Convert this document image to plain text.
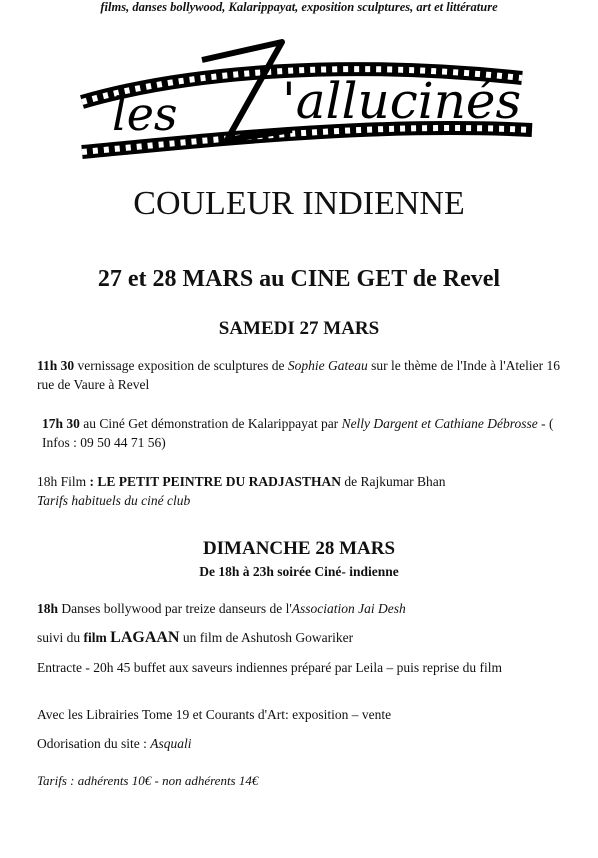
les 'allucinés
COULEUR INDIENNE
films, danses bollywood, Kalarippayat, exposition sculptures, art et littérature
27 et 28 MARS au CINE GET de Revel
SAMEDI 27 MARS
11h 30 vernissage exposition de sculptures de Sophie Gateau sur le thème de l'Inde à l'Atelier 16 rue de Vaure à Revel
17h 30 au Ciné Get démonstration de Kalarippayat par Nelly Dargent et Cathiane Débrosse - ( Infos : 09 50 44 71 56)
18h Film : LE PETIT PEINTRE DU RADJASTHAN de Rajkumar Bhan
Tarifs habituels du ciné club
DIMANCHE 28 MARS
De 18h à 23h soirée Ciné- indienne
18h Danses bollywood par treize danseurs de l'Association Jai Desh
suivi du film LAGAAN un film de Ashutosh Gowariker
Entracte - 20h 45 buffet aux saveurs indiennes préparé par Leila – puis reprise du film
Avec les Librairies Tome 19 et Courants d'Art: exposition – vente
Odorisation du site : Asquali
Tarifs : adhérents 10€ - non adhérents 14€
